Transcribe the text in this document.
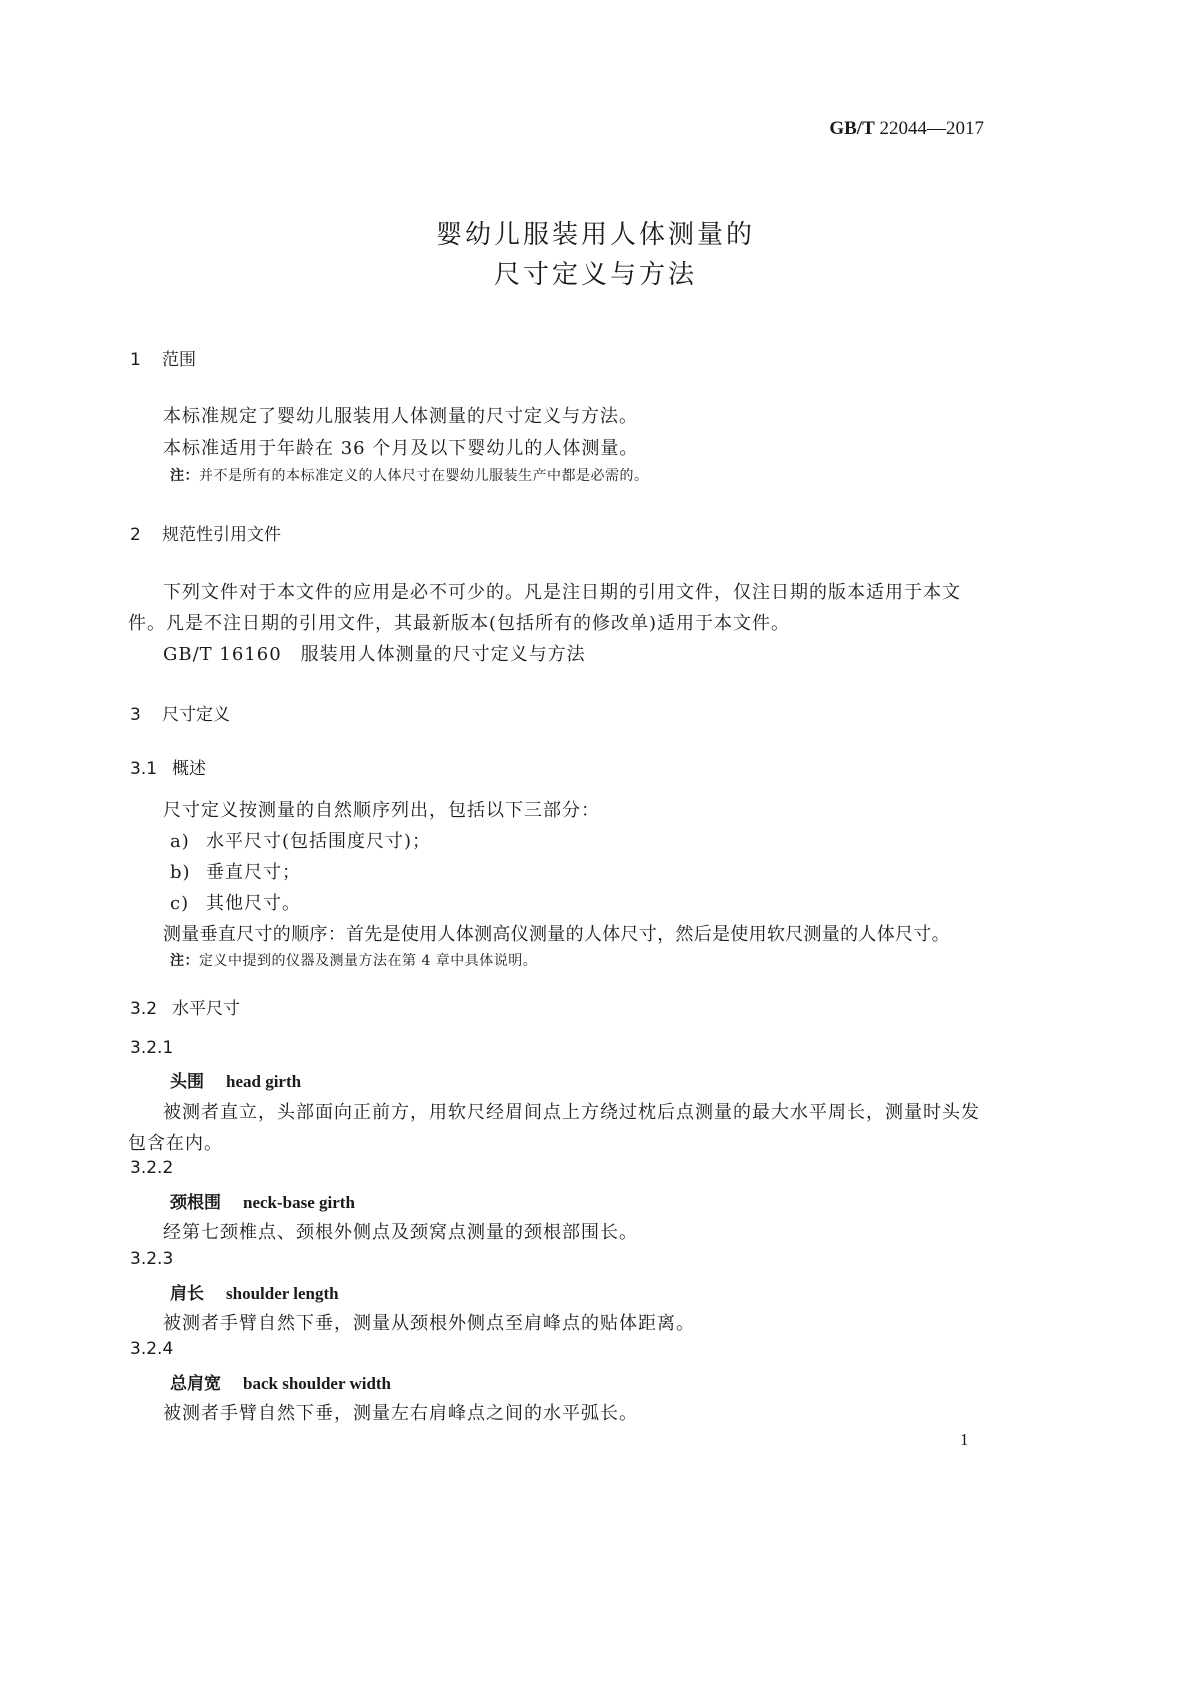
GB/T 22044—2017
婴幼儿服装用人体测量的
尺寸定义与方法
1 范围
本标准规定了婴幼儿服装用人体测量的尺寸定义与方法。
本标准适用于年龄在 36 个月及以下婴幼儿的人体测量。
注：并不是所有的本标准定义的人体尺寸在婴幼儿服装生产中都是必需的。
2 规范性引用文件
下列文件对于本文件的应用是必不可少的。凡是注日期的引用文件，仅注日期的版本适用于本文
件。凡是不注日期的引用文件，其最新版本(包括所有的修改单)适用于本文件。
GB/T 16160　服装用人体测量的尺寸定义与方法
3 尺寸定义
3.1 概述
尺寸定义按测量的自然顺序列出，包括以下三部分：
a) 水平尺寸(包括围度尺寸)；
b) 垂直尺寸；
c) 其他尺寸。
测量垂直尺寸的顺序：首先是使用人体测高仪测量的人体尺寸，然后是使用软尺测量的人体尺寸。
注：定义中提到的仪器及测量方法在第 4 章中具体说明。
3.2 水平尺寸
3.2.1
头围 head girth
被测者直立，头部面向正前方，用软尺经眉间点上方绕过枕后点测量的最大水平周长，测量时头发
包含在内。
3.2.2
颈根围 neck-base girth
经第七颈椎点、颈根外侧点及颈窝点测量的颈根部围长。
3.2.3
肩长 shoulder length
被测者手臂自然下垂，测量从颈根外侧点至肩峰点的贴体距离。
3.2.4
总肩宽 back shoulder width
被测者手臂自然下垂，测量左右肩峰点之间的水平弧长。
1
